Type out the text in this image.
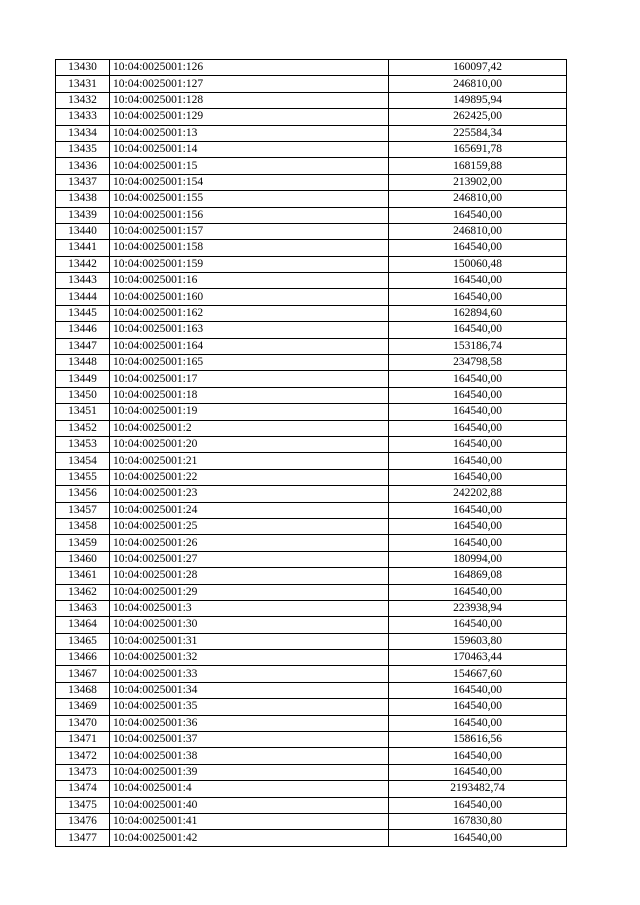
13430	10:04:0025001:126	160097,42
13431	10:04:0025001:127	246810,00
13432	10:04:0025001:128	149895,94
13433	10:04:0025001:129	262425,00
13434	10:04:0025001:13	225584,34
13435	10:04:0025001:14	165691,78
13436	10:04:0025001:15	168159,88
13437	10:04:0025001:154	213902,00
13438	10:04:0025001:155	246810,00
13439	10:04:0025001:156	164540,00
13440	10:04:0025001:157	246810,00
13441	10:04:0025001:158	164540,00
13442	10:04:0025001:159	150060,48
13443	10:04:0025001:16	164540,00
13444	10:04:0025001:160	164540,00
13445	10:04:0025001:162	162894,60
13446	10:04:0025001:163	164540,00
13447	10:04:0025001:164	153186,74
13448	10:04:0025001:165	234798,58
13449	10:04:0025001:17	164540,00
13450	10:04:0025001:18	164540,00
13451	10:04:0025001:19	164540,00
13452	10:04:0025001:2	164540,00
13453	10:04:0025001:20	164540,00
13454	10:04:0025001:21	164540,00
13455	10:04:0025001:22	164540,00
13456	10:04:0025001:23	242202,88
13457	10:04:0025001:24	164540,00
13458	10:04:0025001:25	164540,00
13459	10:04:0025001:26	164540,00
13460	10:04:0025001:27	180994,00
13461	10:04:0025001:28	164869,08
13462	10:04:0025001:29	164540,00
13463	10:04:0025001:3	223938,94
13464	10:04:0025001:30	164540,00
13465	10:04:0025001:31	159603,80
13466	10:04:0025001:32	170463,44
13467	10:04:0025001:33	154667,60
13468	10:04:0025001:34	164540,00
13469	10:04:0025001:35	164540,00
13470	10:04:0025001:36	164540,00
13471	10:04:0025001:37	158616,56
13472	10:04:0025001:38	164540,00
13473	10:04:0025001:39	164540,00
13474	10:04:0025001:4	2193482,74
13475	10:04:0025001:40	164540,00
13476	10:04:0025001:41	167830,80
13477	10:04:0025001:42	164540,00
